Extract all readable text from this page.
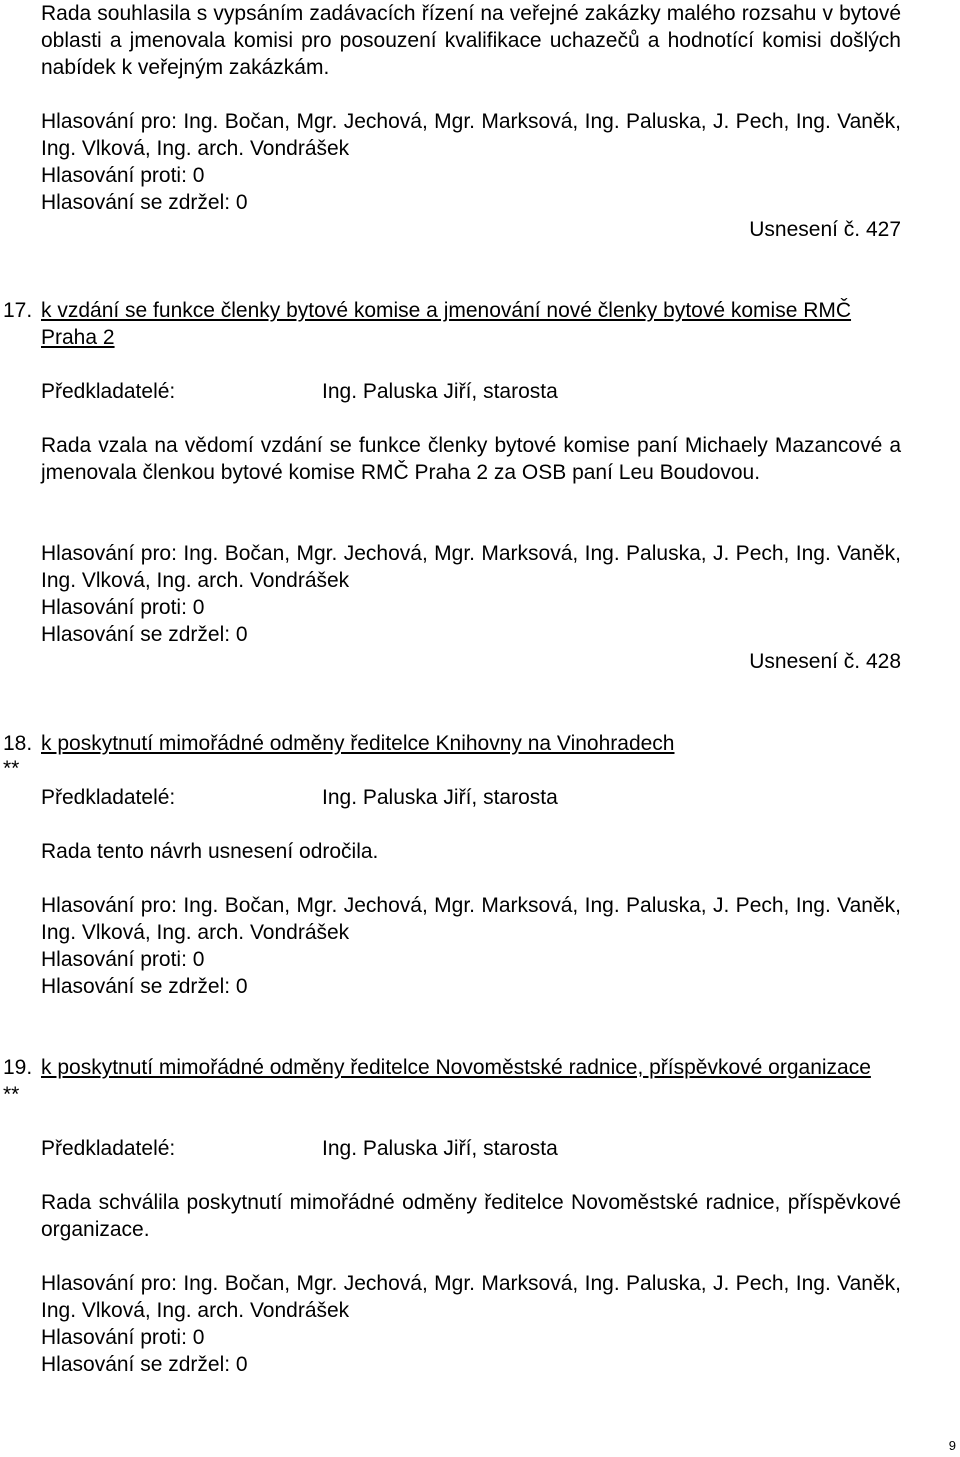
Rada souhlasila s vypsáním zadávacích řízení na veřejné zakázky malého rozsahu v bytové oblasti a jmenovala komisi pro posouzení kvalifikace uchazečů a hodnotící komisi došlých nabídek k veřejným zakázkám.

Hlasování pro: Ing. Bočan, Mgr. Jechová, Mgr. Marksová, Ing. Paluska, J. Pech, Ing. Vaněk, Ing. Vlková, Ing. arch. Vondrášek

Hlasování proti: 0
Hlasování se zdržel: 0
Usnesení č. 427
17. k vzdání se funkce členky bytové komise a jmenování nové členky bytové komise RMČ Praha 2
Předkladatelé:	Ing. Paluska Jiří, starosta

Rada vzala na vědomí vzdání se funkce členky bytové komise paní Michaely Mazancové a jmenovala členkou bytové komise RMČ Praha 2 za OSB paní Leu Boudovou.

Hlasování pro: Ing. Bočan, Mgr. Jechová, Mgr. Marksová, Ing. Paluska, J. Pech, Ing. Vaněk, Ing. Vlková, Ing. arch. Vondrášek

Hlasování proti: 0
Hlasování se zdržel: 0
Usnesení č. 428
18.
**
k poskytnutí mimořádné odměny ředitelce Knihovny na Vinohradech
Předkladatelé:	Ing. Paluska Jiří, starosta

Rada tento návrh usnesení odročila.

Hlasování pro: Ing. Bočan, Mgr. Jechová, Mgr. Marksová, Ing. Paluska, J. Pech, Ing. Vaněk, Ing. Vlková, Ing. arch. Vondrášek

Hlasování proti: 0
Hlasování se zdržel: 0
19.
**
k poskytnutí mimořádné odměny ředitelce Novoměstské radnice, příspěvkové organizace
Předkladatelé:	Ing. Paluska Jiří, starosta

Rada schválila poskytnutí mimořádné odměny ředitelce Novoměstské radnice, příspěvkové organizace.

Hlasování pro: Ing. Bočan, Mgr. Jechová, Mgr. Marksová, Ing. Paluska, J. Pech, Ing. Vaněk, Ing. Vlková, Ing. arch. Vondrášek

Hlasování proti: 0
Hlasování se zdržel: 0
9
